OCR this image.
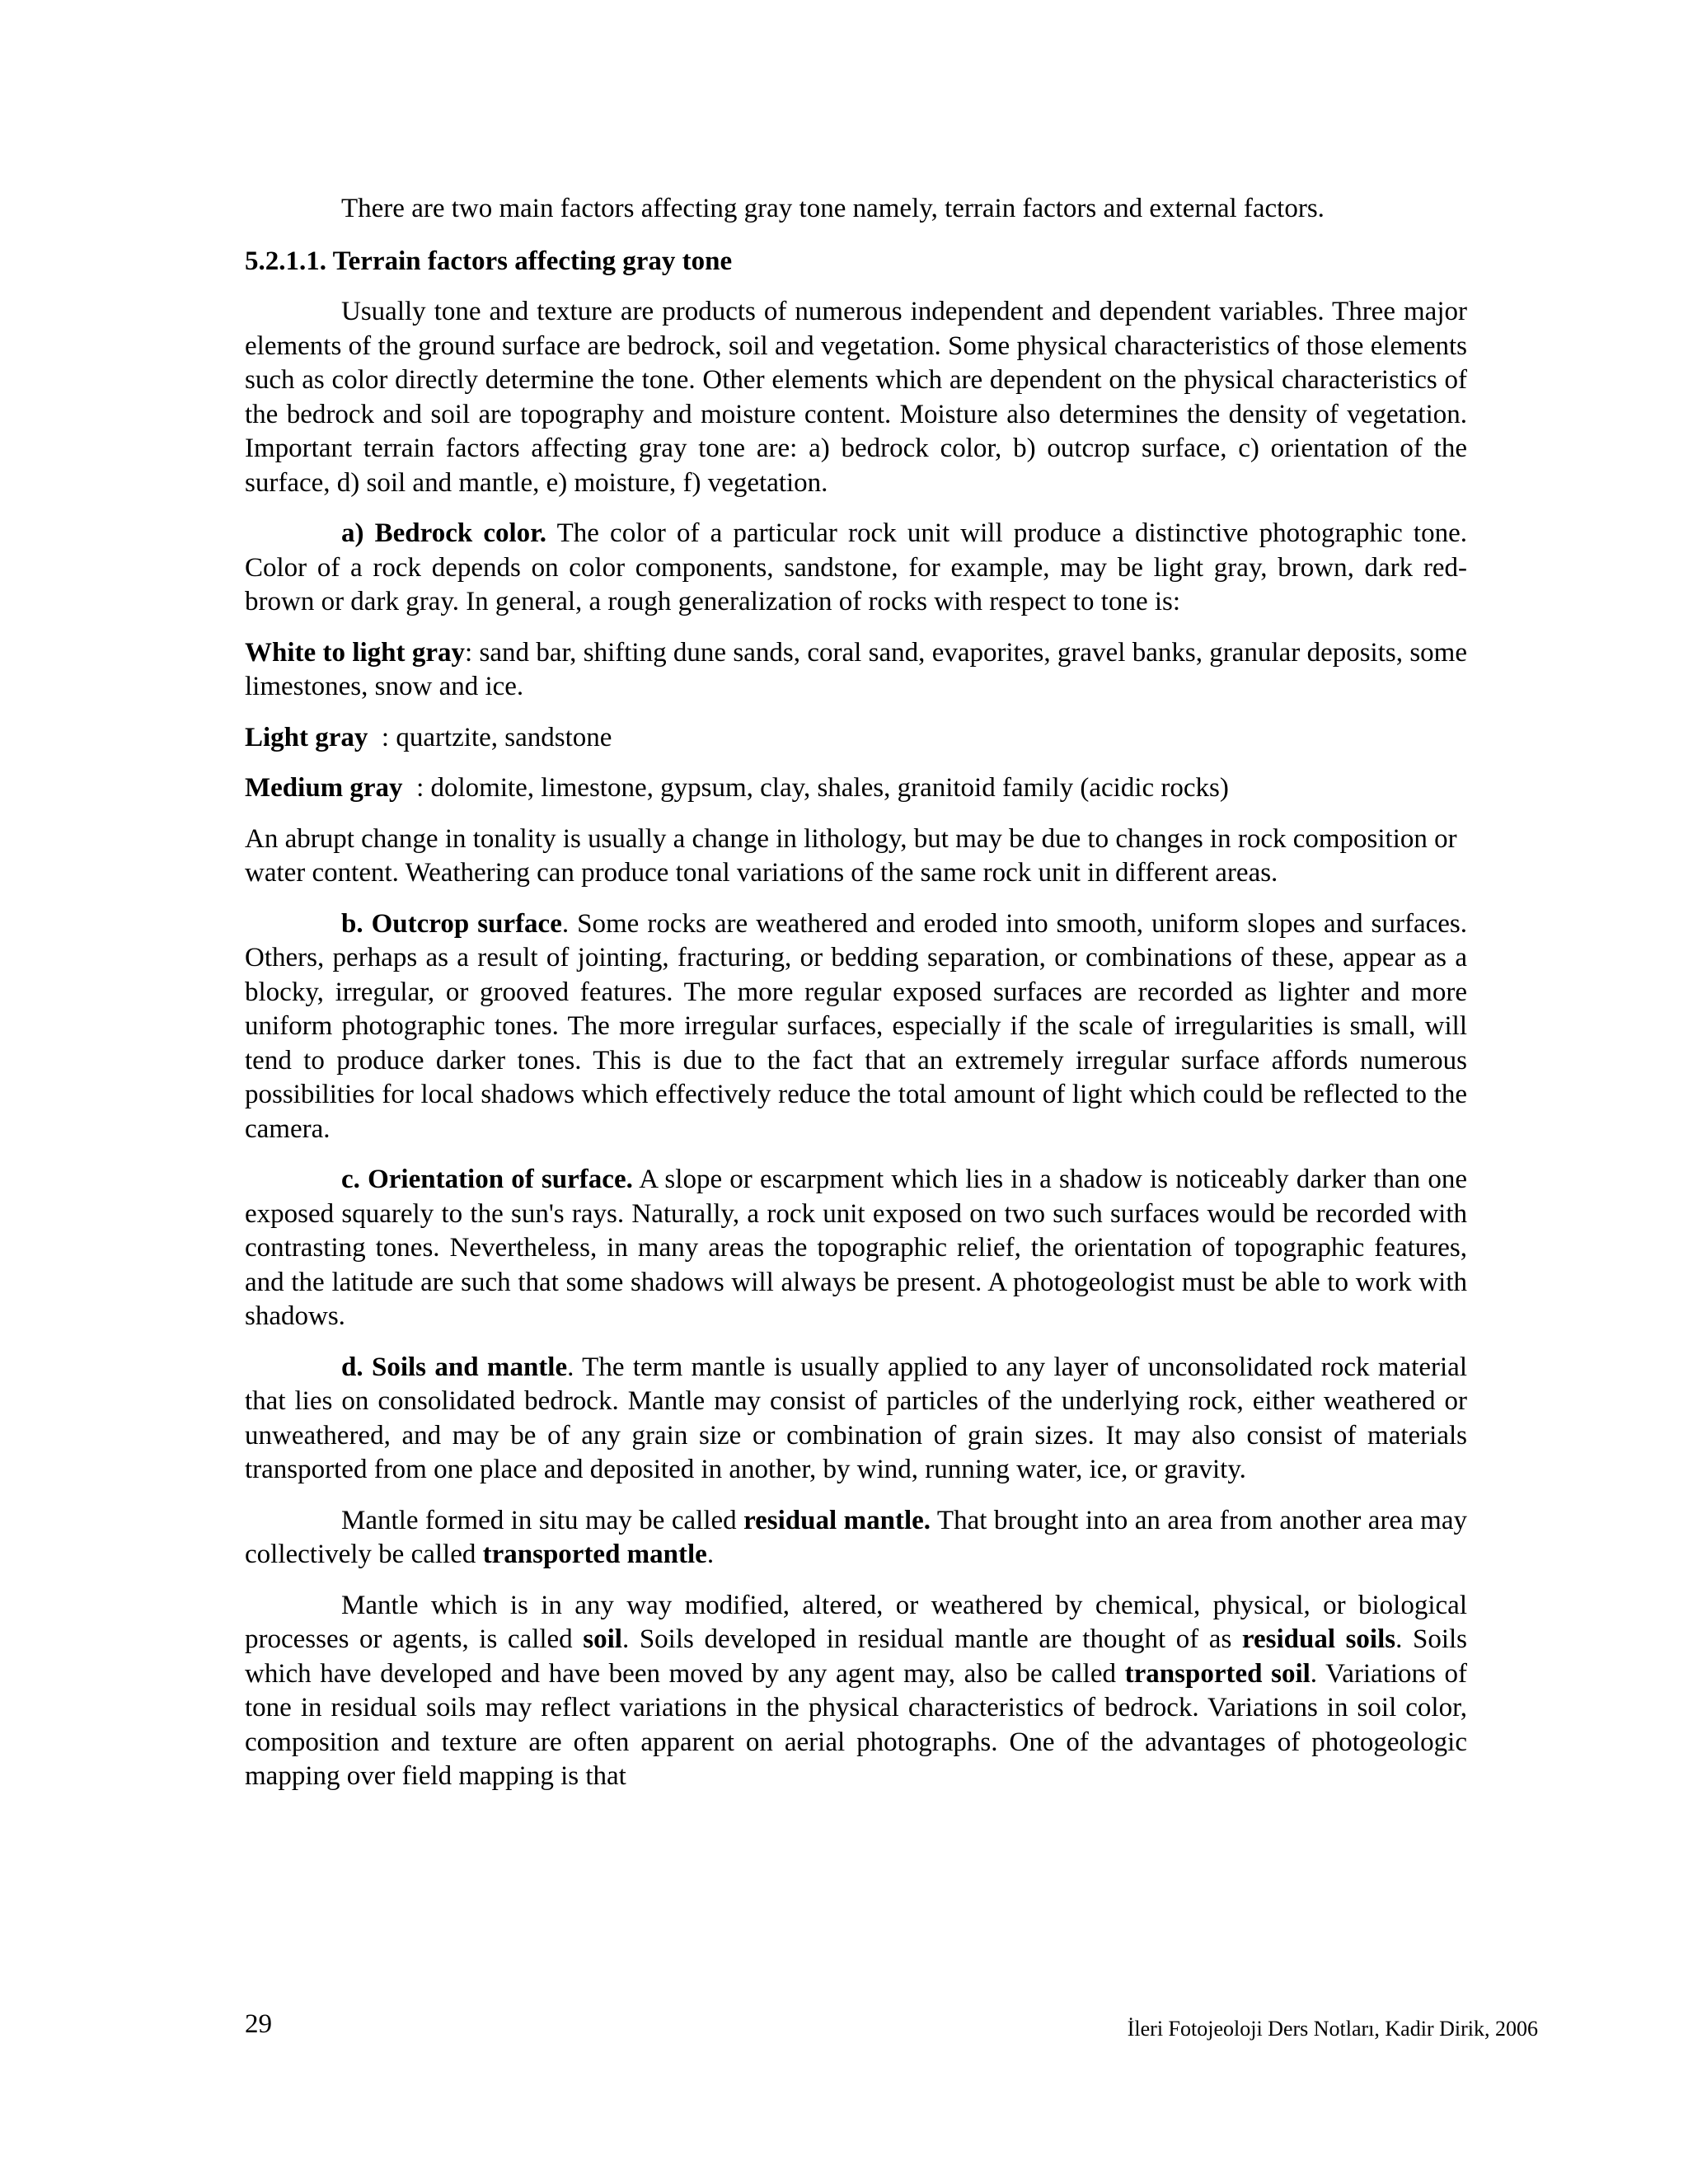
There are two main factors affecting gray tone namely, terrain factors and external factors.

5.2.1.1. Terrain factors affecting gray tone

Usually tone and texture are products of numerous independent and dependent variables. Three major elements of the ground surface are bedrock, soil and vegetation. Some physical characteristics of those elements such as color directly determine the tone. Other elements which are dependent on the physical characteristics of the bedrock and soil are topography and moisture content. Moisture also determines the density of vegetation. Important terrain factors affecting gray tone are: a) bedrock color, b) outcrop surface, c) orientation of the surface, d) soil and mantle, e) moisture, f) vegetation.

a) Bedrock color. The color of a particular rock unit will produce a distinctive photographic tone. Color of a rock depends on color components, sandstone, for example, may be light gray, brown, dark red-brown or dark gray. In general, a rough generalization of rocks with respect to tone is:

White to light gray: sand bar, shifting dune sands, coral sand, evaporites, gravel banks, granular deposits, some limestones, snow and ice.

Light gray  : quartzite, sandstone

Medium gray  : dolomite, limestone, gypsum, clay, shales, granitoid family (acidic rocks)

An abrupt change in tonality is usually a change in lithology, but may be due to changes in rock composition or water content. Weathering can produce tonal variations of the same rock unit in different areas.

b. Outcrop surface. Some rocks are weathered and eroded into smooth, uniform slopes and surfaces. Others, perhaps as a result of jointing, fracturing, or bedding separation, or combinations of these, appear as a blocky, irregular, or grooved features. The more regular exposed surfaces are recorded as lighter and more uniform photographic tones. The more irregular surfaces, especially if the scale of irregularities is small, will tend to produce darker tones. This is due to the fact that an extremely irregular surface affords numerous possibilities for local shadows which effectively reduce the total amount of light which could be reflected to the camera.

c. Orientation of surface. A slope or escarpment which lies in a shadow is noticeably darker than one exposed squarely to the sun's rays. Naturally, a rock unit exposed on two such surfaces would be recorded with contrasting tones. Nevertheless, in many areas the topographic relief, the orientation of topographic features, and the latitude are such that some shadows will always be present. A photogeologist must be able to work with shadows.

d. Soils and mantle. The term mantle is usually applied to any layer of unconsolidated rock material that lies on consolidated bedrock. Mantle may consist of particles of the underlying rock, either weathered or unweathered, and may be of any grain size or combination of grain sizes. It may also consist of materials transported from one place and deposited in another, by wind, running water, ice, or gravity.

Mantle formed in situ may be called residual mantle. That brought into an area from another area may collectively be called transported mantle.

Mantle which is in any way modified, altered, or weathered by chemical, physical, or biological processes or agents, is called soil. Soils developed in residual mantle are thought of as residual soils. Soils which have developed and have been moved by any agent may, also be called transported soil. Variations of tone in residual soils may reflect variations in the physical characteristics of bedrock. Variations in soil color, composition and texture are often apparent on aerial photographs. One of the advantages of photogeologic mapping over field mapping is that

29	İleri Fotojeoloji Ders Notları, Kadir Dirik, 2006
